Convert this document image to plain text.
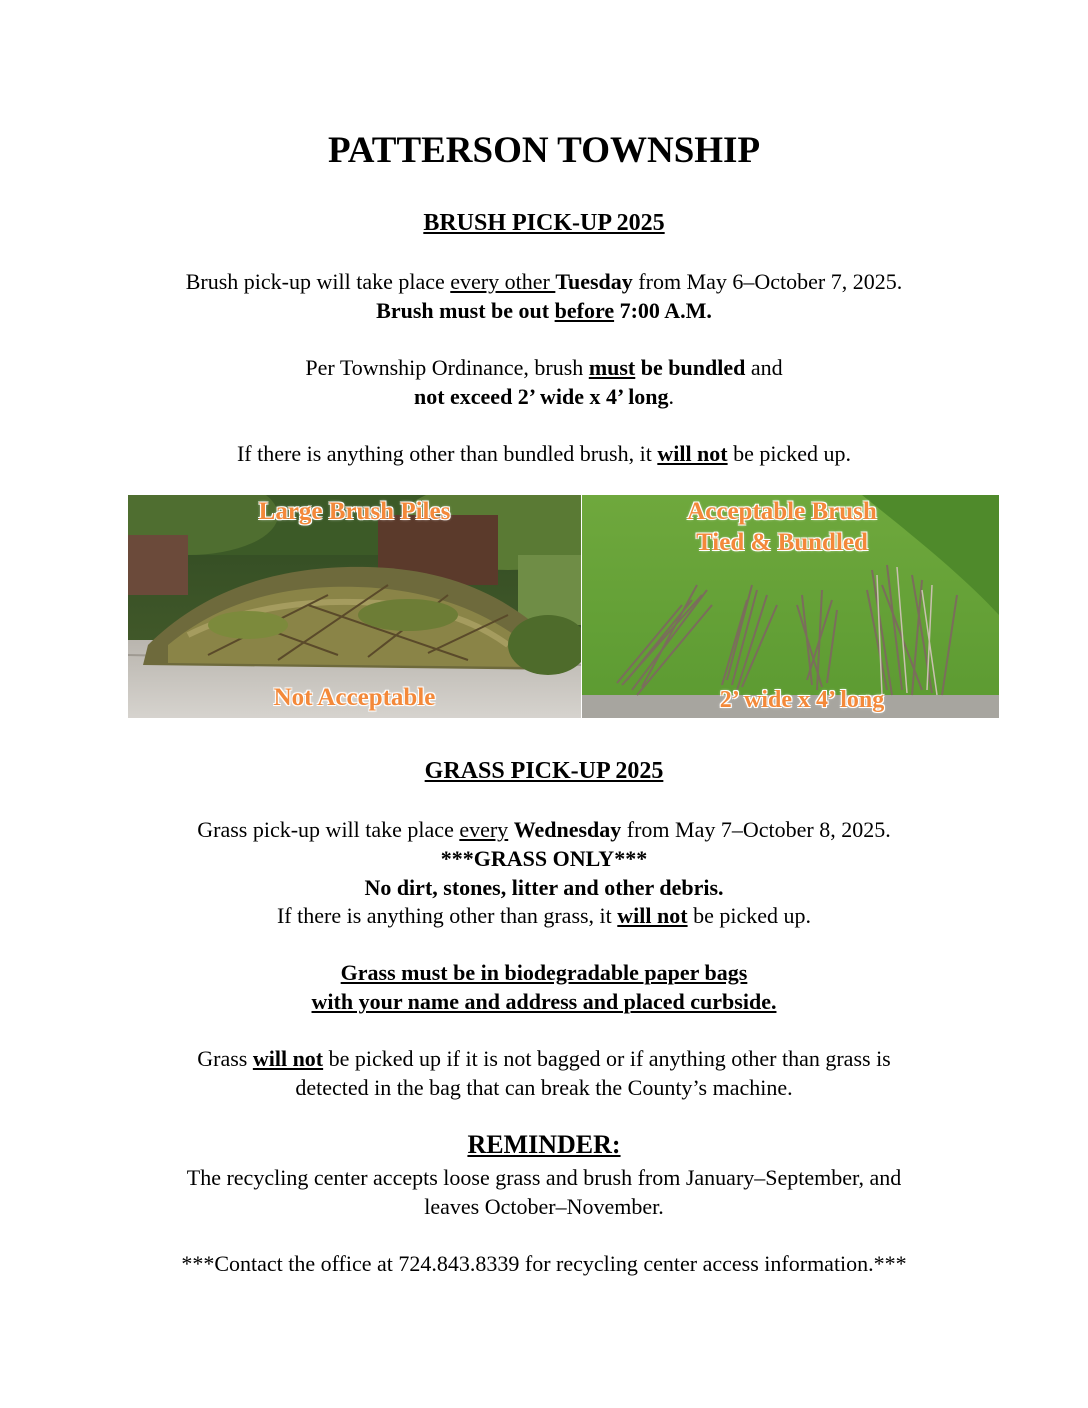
PATTERSON TOWNSHIP
BRUSH PICK-UP 2025
Brush pick-up will take place every other Tuesday from May 6–October 7, 2025.
Brush must be out before 7:00 A.M.
Per Township Ordinance, brush must be bundled and
not exceed 2’ wide x 4’ long.
If there is anything other than bundled brush, it will not be picked up.
Large Brush Piles
Not Acceptable
Acceptable Brush
Tied & Bundled
2’ wide x 4’ long
GRASS PICK-UP 2025
Grass pick-up will take place every Wednesday from May 7–October 8, 2025.
***GRASS ONLY***
No dirt, stones, litter and other debris.
If there is anything other than grass, it will not be picked up.
Grass must be in biodegradable paper bags
with your name and address and placed curbside.
Grass will not be picked up if it is not bagged or if anything other than grass is
detected in the bag that can break the County’s machine.
REMINDER:
The recycling center accepts loose grass and brush from January–September, and
leaves October–November.
***Contact the office at 724.843.8339 for recycling center access information.***
